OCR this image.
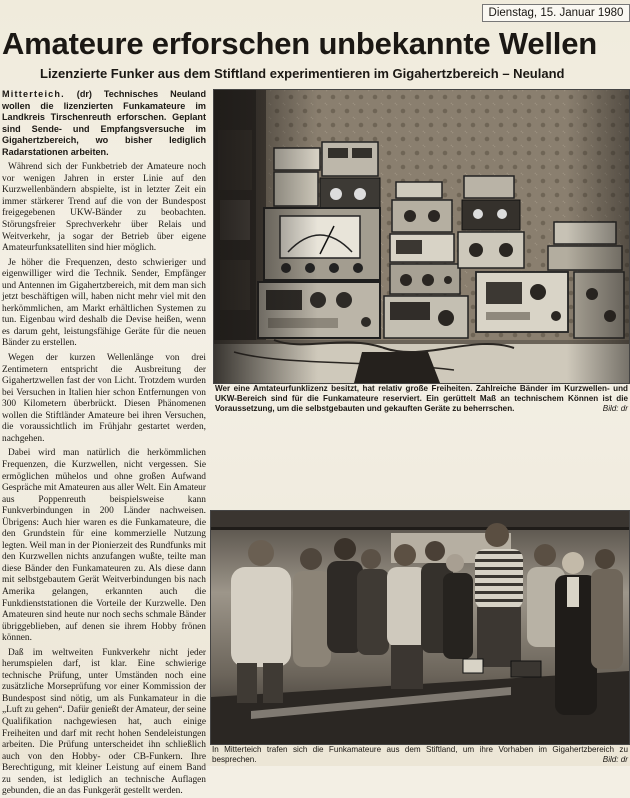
Dienstag, 15. Januar 1980
Amateure erforschen unbekannte Wellen
Lizenzierte Funker aus dem Stiftland experimentieren im Gigahertzbereich – Neuland

Mitterteich. (dr) Technisches Neuland wollen die lizenzierten Funkamateure im Landkreis Tirschenreuth erforschen. Geplant sind Sende- und Empfangsversuche im Gigahertzbereich, wo bisher lediglich Radarstationen arbeiten.

Während sich der Funkbetrieb der Amateure noch vor wenigen Jahren in erster Linie auf den Kurzwellenbändern abspielte, ist in letzter Zeit ein immer stärkerer Trend auf die von der Bundespost freigegebenen UKW-Bänder zu beobachten. Störungsfreier Sprechverkehr über Relais und Weitverkehr, ja sogar der Betrieb über eigene Amateurfunksatelliten sind hier möglich.

Je höher die Frequenzen, desto schwieriger und eigenwilliger wird die Technik. Sender, Empfänger und Antennen im Gigahertzbereich, mit dem man sich jetzt beschäftigen will, haben nicht mehr viel mit den herkömmlichen, am Markt erhältlichen Systemen zu tun. Eigenbau wird deshalb die Devise heißen, wenn es darum geht, leistungsfähige Geräte für die neuen Bänder zu erstellen.

Wegen der kurzen Wellenlänge von drei Zentimetern entspricht die Ausbreitung der Gigahertzwellen fast der von Licht. Trotzdem wurden bei Versuchen in Italien hier schon Entfernungen von 300 Kilometern überbrückt. Diesen Phänomenen wollen die Stiftländer Amateure bei ihren Versuchen, die voraussichtlich im Frühjahr gestartet werden, nachgehen.

Dabei wird man natürlich die herkömmlichen Frequenzen, die Kurzwellen, nicht vergessen. Sie ermöglichen mühelos und ohne großen Aufwand Gespräche mit Amateuren aus aller Welt. Ein Amateur aus Poppenreuth beispielsweise kann Funkverbindungen in 200 Länder nachweisen. Übrigens: Auch hier waren es die Funkamateure, die den Grundstein für eine kommerzielle Nutzung legten. Weil man in der Pionierzeit des Rundfunks mit den Kurzwellen nichts anzufangen wußte, teilte man diese Bänder den Funkamateuren zu. Als diese dann mit selbstgebautem Gerät Weitverbindungen bis nach Amerika gelangen, erkannten auch die Funkdienststationen die Vorteile der Kurzwelle. Den Amateuren sind heute nur noch sechs schmale Bänder übriggeblieben, auf denen sie ihrem Hobby frönen können.

Daß im weltweiten Funkverkehr nicht jeder herumspielen darf, ist klar. Eine schwierige technische Prüfung, unter Umständen noch eine zusätzliche Morseprüfung vor einer Kommission der Bundespost sind nötig, um als Funkamateur in die „Luft zu gehen“. Dafür genießt der Amateur, der seine Qualifikation nachgewiesen hat, auch einige Freiheiten und darf mit recht hohen Sendeleistungen arbeiten. Die Prüfung unterscheidet ihn schließlich auch von den Hobby- oder CB-Funkern. Ihre Berechtigung, mit kleiner Leistung auf einem Band zu senden, ist lediglich an technische Auflagen gebunden, die an das Funkgerät gestellt werden.

Wer eine Amtateurfunklizenz besitzt, hat relativ große Freiheiten. Zahlreiche Bänder im Kurzwellen- und UKW-Bereich sind für die Funkamateure reserviert. Ein gerüttelt Maß an technischem Können ist die Voraussetzung, um die selbstgebauten und gekauften Geräte zu beherrschen.	Bild: dr
In Mitterteich trafen sich die Funkamateure aus dem Stiftland, um ihre Vorhaben im Gigahertzbereich zu besprechen.	Bild: dr
